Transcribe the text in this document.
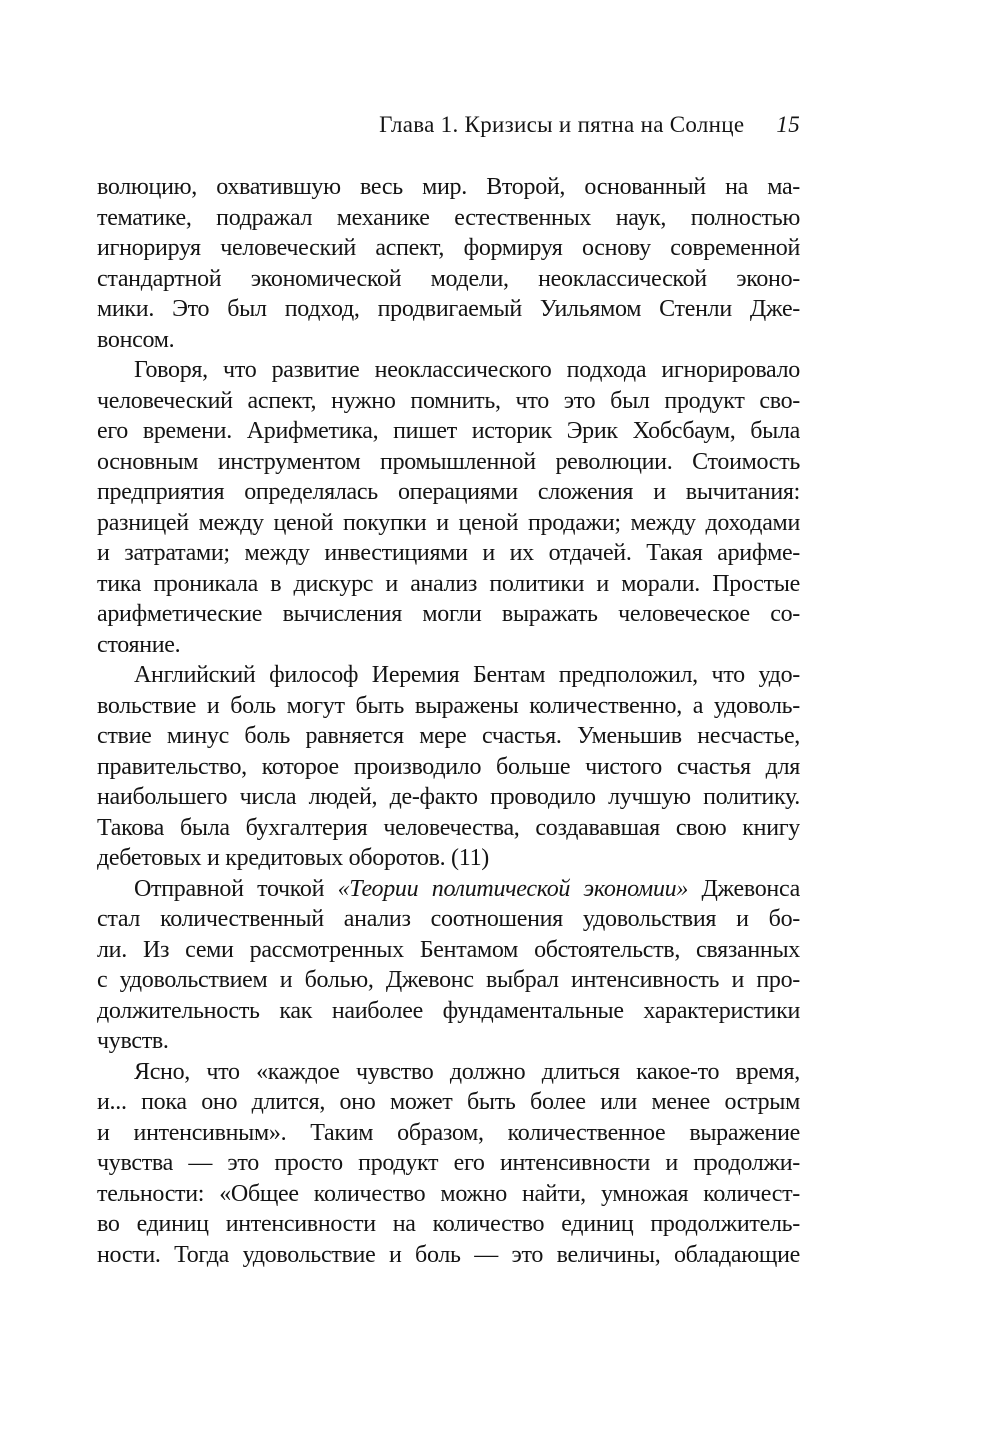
Глава 1. Кризисы и пятна на Солнце 15
волюцию, охватившую весь мир. Второй, основанный на ма-
тематике, подражал механике естественных наук, полностью
игнорируя человеческий аспект, формируя основу современной
стандартной экономической модели, неоклассической эконо-
мики. Это был подход, продвигаемый Уильямом Стенли Дже-
вонсом.
Говоря, что развитие неоклассического подхода игнорировало
человеческий аспект, нужно помнить, что это был продукт сво-
его времени. Арифметика, пишет историк Эрик Хобсбаум, была
основным инструментом промышленной революции. Стоимость
предприятия определялась операциями сложения и вычитания:
разницей между ценой покупки и ценой продажи; между доходами
и затратами; между инвестициями и их отдачей. Такая арифме-
тика проникала в дискурс и анализ политики и морали. Простые
арифметические вычисления могли выражать человеческое со-
стояние.
Английский философ Иеремия Бентам предположил, что удо-
вольствие и боль могут быть выражены количественно, а удоволь-
ствие минус боль равняется мере счастья. Уменьшив несчастье,
правительство, которое производило больше чистого счастья для
наибольшего числа людей, де-факто проводило лучшую политику.
Такова была бухгалтерия человечества, создававшая свою книгу
дебетовых и кредитовых оборотов. (11)
Отправной точкой «Теории политической экономии» Джевонса
стал количественный анализ соотношения удовольствия и бо-
ли. Из семи рассмотренных Бентамом обстоятельств, связанных
с удовольствием и болью, Джевонс выбрал интенсивность и про-
должительность как наиболее фундаментальные характеристики
чувств.
Ясно, что «каждое чувство должно длиться какое-то время,
и... пока оно длится, оно может быть более или менее острым
и интенсивным». Таким образом, количественное выражение
чувства — это просто продукт его интенсивности и продолжи-
тельности: «Общее количество можно найти, умножая количест-
во единиц интенсивности на количество единиц продолжитель-
ности. Тогда удовольствие и боль — это величины, обладающие
